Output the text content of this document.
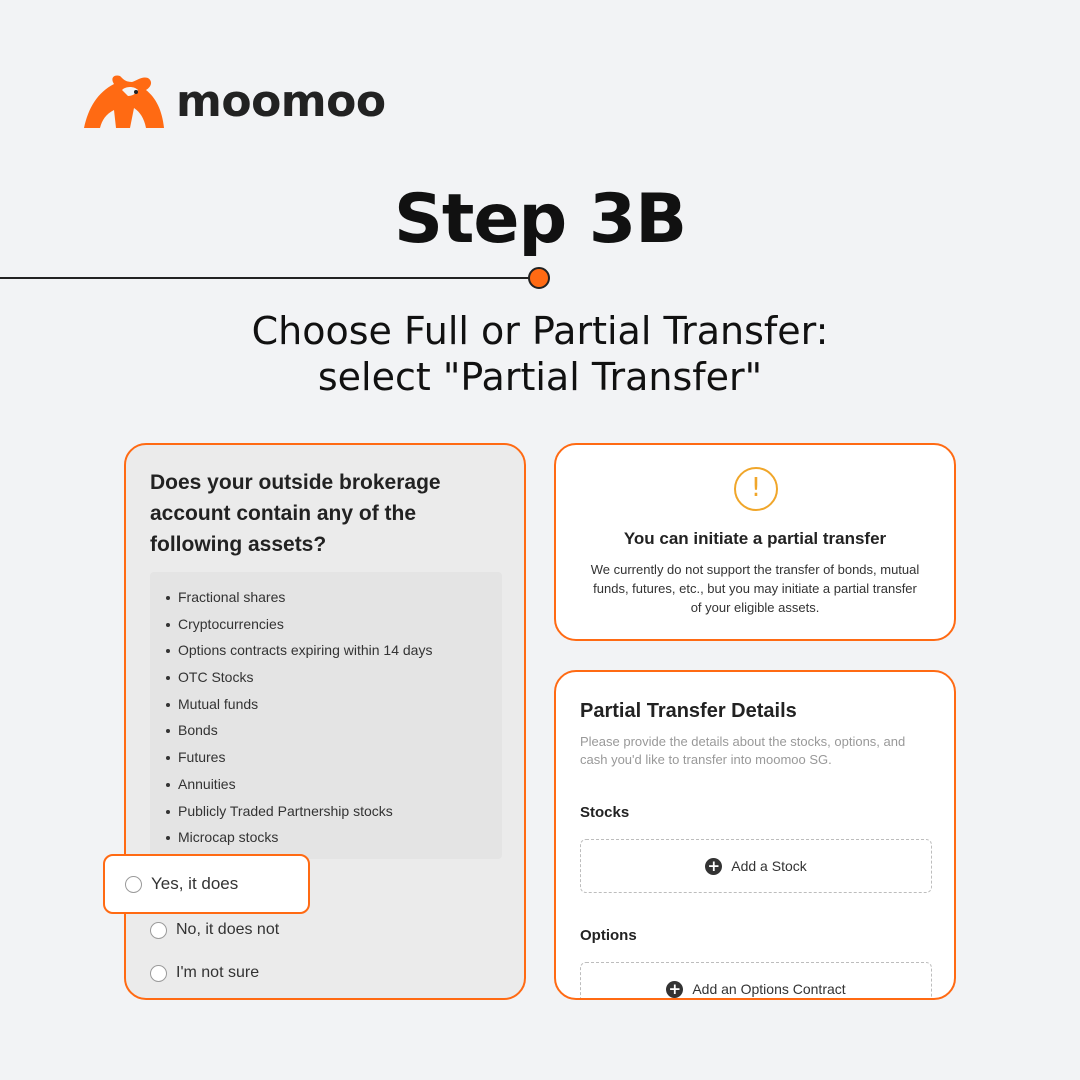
moomoo
Step 3B
Choose Full or Partial Transfer:
select "Partial Transfer"
Does your outside brokerage account contain any of the following assets?
Fractional shares
Cryptocurrencies
Options contracts expiring within 14 days
OTC Stocks
Mutual funds
Bonds
Futures
Annuities
Publicly Traded Partnership stocks
Microcap stocks
No, it does not
I'm not sure
Yes, it does
!
You can initiate a partial transfer
We currently do not support the transfer of bonds, mutual funds, futures, etc., but you may initiate a partial transfer of your eligible assets.
Partial Transfer Details
Please provide the details about the stocks, options, and cash you'd like to transfer into moomoo SG.
Stocks
+ Add a Stock
Options
+ Add an Options Contract
